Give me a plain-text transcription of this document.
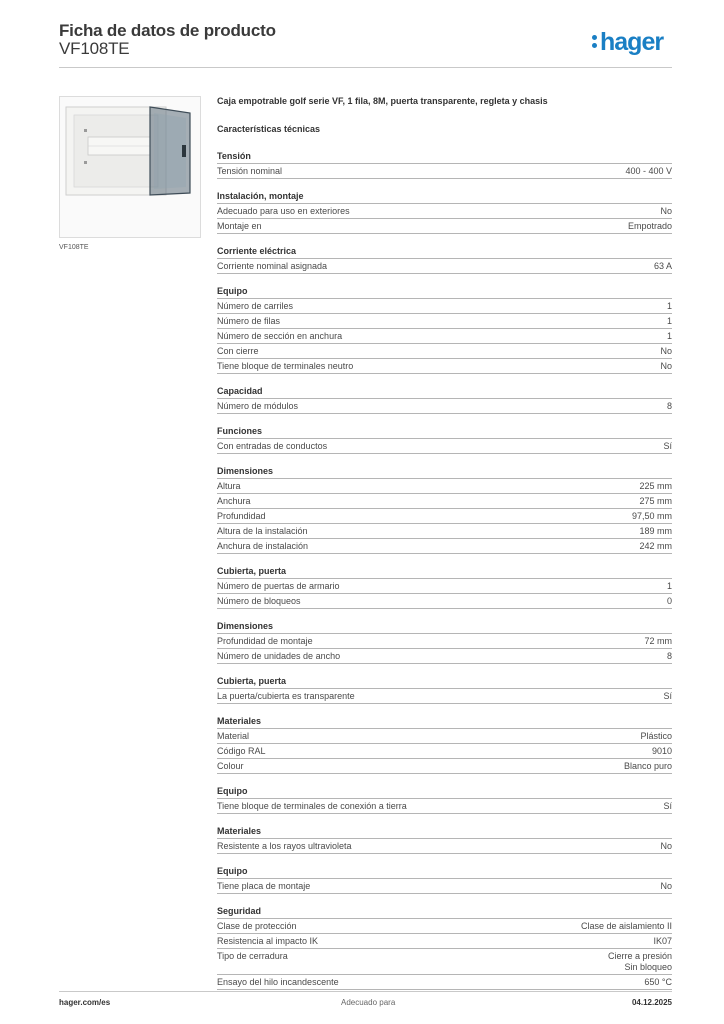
Ficha de datos de producto
VF108TE	hager
VF108TE
Caja empotrable golf serie VF, 1 fila, 8M, puerta transparente, regleta y chasis
Características técnicas
Tensión
Tensión nominal	400 - 400 V
Instalación, montaje
Adecuado para uso en exteriores	No
Montaje en	Empotrado
Corriente eléctrica
Corriente nominal asignada	63 A
Equipo
Número de carriles	1
Número de filas	1
Número de sección en anchura	1
Con cierre	No
Tiene bloque de terminales neutro	No
Capacidad
Número de módulos	8
Funciones
Con entradas de conductos	Sí
Dimensiones
Altura	225 mm
Anchura	275 mm
Profundidad	97,50 mm
Altura de la instalación	189 mm
Anchura de instalación	242 mm
Cubierta, puerta
Número de puertas de armario	1
Número de bloqueos	0
Dimensiones
Profundidad de montaje	72 mm
Número de unidades de ancho	8
Cubierta, puerta
La puerta/cubierta es transparente	Sí
Materiales
Material	Plástico
Código RAL	9010
Colour	Blanco puro
Equipo
Tiene bloque de terminales de conexión a tierra	Sí
Materiales
Resistente a los rayos ultravioleta	No
Equipo
Tiene placa de montaje	No
Seguridad
Clase de protección	Clase de aislamiento II
Resistencia al impacto IK	IK07
Tipo de cerradura	Cierre a presión
Sin bloqueo
Ensayo del hilo incandescente	650 °C
hager.com/es	Adecuado para	04.12.2025
